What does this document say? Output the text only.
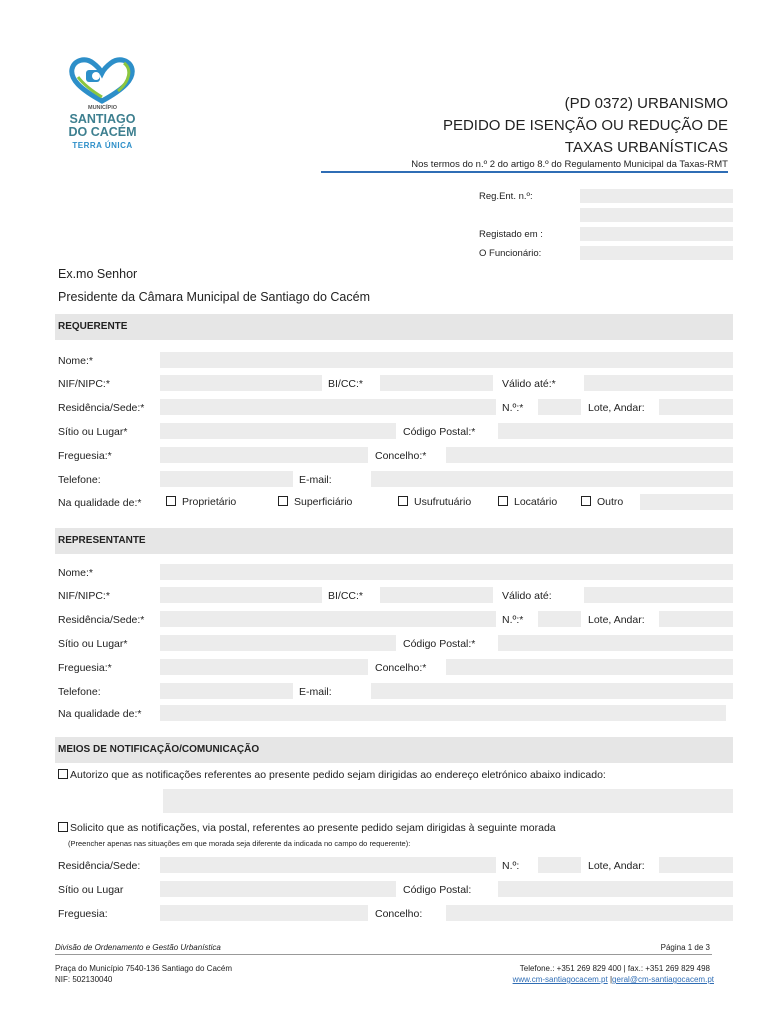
MUNICÍPIO
SANTIAGO
DO CACÉM
TERRA ÚNICA
(PD 0372) URBANISMO
PEDIDO DE ISENÇÃO OU REDUÇÃO DE
TAXAS URBANÍSTICAS
Nos termos do n.º 2 do artigo 8.º do Regulamento Municipal da Taxas-RMT
Reg.Ent. n.º:
Registado em :
O Funcionário:
Ex.mo Senhor
Presidente da Câmara Municipal de Santiago do Cacém
REQUERENTE
Nome:*
NIF/NIPC:*	BI/CC:*	Válido até:*
Residência/Sede:*	N.º:*	Lote, Andar:
Sítio ou Lugar*	Código Postal:*
Freguesia:*	Concelho:*
Telefone:	E-mail:
Na qualidade de:*	Proprietário	Superficiário	Usufrutuário	Locatário	Outro
REPRESENTANTE
Nome:*
NIF/NIPC:*	BI/CC:*	Válido até:
Residência/Sede:*	N.º:*	Lote, Andar:
Sítio ou Lugar*	Código Postal:*
Freguesia:*	Concelho:*
Telefone:	E-mail:
Na qualidade de:*
MEIOS DE NOTIFICAÇÃO/COMUNICAÇÃO
Autorizo que as notificações referentes ao presente pedido sejam dirigidas ao endereço eletrónico abaixo indicado:
Solicito que as notificações, via postal, referentes ao presente pedido sejam dirigidas à seguinte morada
(Preencher apenas nas situações em que morada seja diferente da indicada no campo do requerente):
Residência/Sede:	N.º:	Lote, Andar:
Sítio ou Lugar	Código Postal:
Freguesia:	Concelho:
Divisão de Ordenamento e Gestão Urbanística	Página 1 de 3
Praça do Município 7540-136 Santiago do Cacém
NIF: 502130040
Telefone.: +351 269 829 400 | fax.: +351 269 829 498
www.cm-santiagocacem.pt |geral@cm-santiagocacem.pt
